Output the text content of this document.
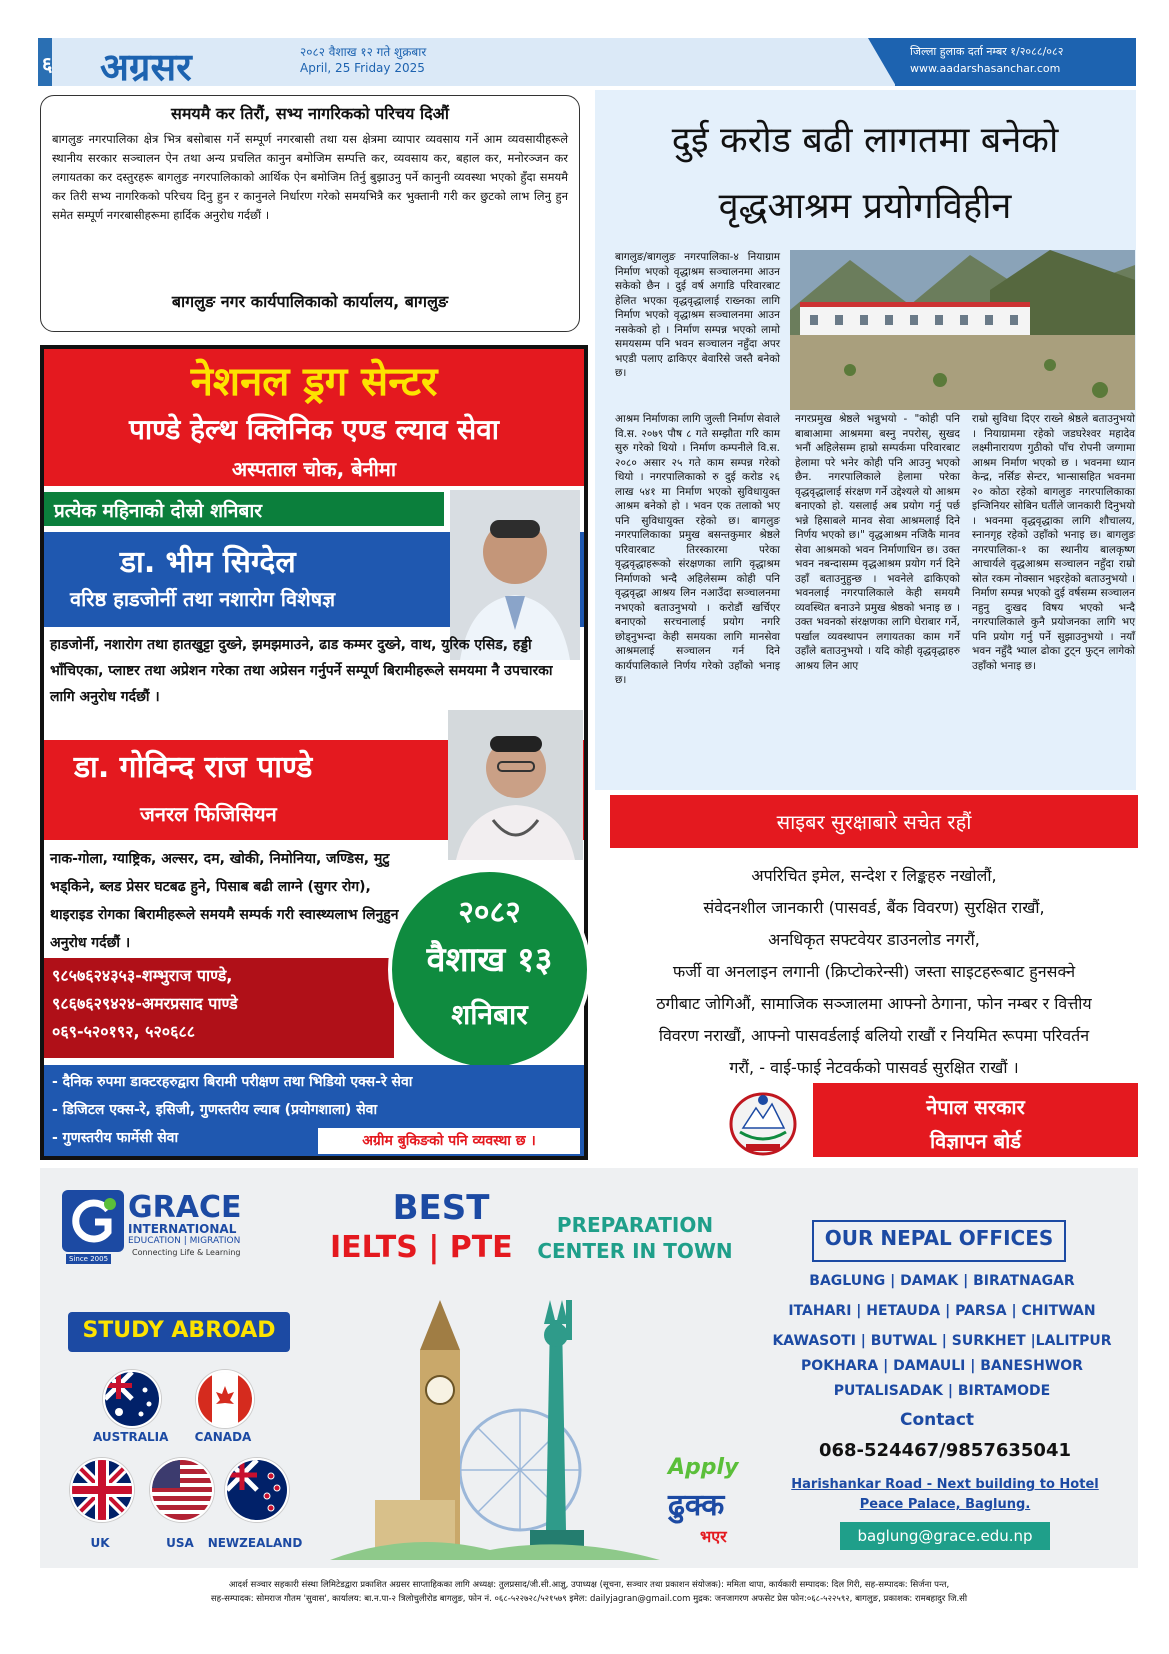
६ अग्रसर	२०८२ वैशाख १२ गते शुक्रबार
April, 25 Friday 2025
जिल्ला हुलाक दर्ता नम्बर १/२०८८/०८२
www.aadarshasanchar.com
समयमै कर तिरौं, सभ्य नागरिकको परिचय दिऔं
बागलुङ नगरपालिका क्षेत्र भित्र बसोबास गर्ने सम्पूर्ण नगरबासी तथा यस क्षेत्रमा व्यापार व्यवसाय गर्ने आम व्यवसायीहरूले स्थानीय सरकार सञ्चालन ऐन तथा अन्य प्रचलित कानुन बमोजिम सम्पत्ति कर, व्यवसाय कर, बहाल कर, मनोरञ्जन कर लगायतका कर दस्तुरहरू बागलुङ नगरपालिकाको आर्थिक ऐन बमोजिम तिर्नु बुझाउनु पर्ने कानुनी व्यवस्था भएको हुँदा समयमै कर तिरी सभ्य नागरिकको परिचय दिनु हुन र कानुनले निर्धारण गरेको समयभित्रै कर भुक्तानी गरी कर छुटको लाभ लिनु हुन समेत सम्पूर्ण नगरबासीहरूमा हार्दिक अनुरोध गर्दछौं ।
बागलुङ नगर कार्यपालिकाको कार्यालय, बागलुङ
दुई करोड बढी लागतमा बनेको
वृद्धआश्रम प्रयोगविहीन
बागलुङ/बागलुङ नगरपालिका-४ नियाग्राम निर्माण भएको वृद्धाश्रम सञ्चालनमा आउन सकेको छैन । दुई वर्ष अगाडि परिवारबाट हेलित भएका वृद्धवृद्धालाई राख्नका लागि निर्माण भएको वृद्धाश्रम सञ्चालनमा आउन नसकेको हो । निर्माण सम्पन्न भएको लामो समयसम्म पनि भवन सञ्चालन नहुँदा अपर भएडी पलाए ढाकिएर बेवारिसे जस्तै बनेको छ।
आश्रम निर्माणका लागि जुल्ती निर्माण सेवाले वि.स. २०७९ पौष ८ गते सम्झौता गरि काम सुरु गरेको थियो । निर्माण कम्पनीले वि.स. २०८० असार २५ गते काम सम्पन्न गरेको थियो । नगरपालिकाको रु दुई करोड २६ लाख ५४१ मा निर्माण भएको सुविधायुक्त आश्रम बनेको हो । भवन एक तलाको भए पनि सुविधायुक्त रहेको छ। बागलुङ नगरपालिकाका प्रमुख बसन्तकुमार श्रेष्ठले परिवारबाट तिरस्कारमा परेका वृद्धवृद्धाहरूको संरक्षणका लागि वृद्धाश्रम निर्माणको भन्दै अहिलेसम्म कोही पनि वृद्धवृद्धा आश्रय लिन नआउँदा सञ्चालनमा नभएको बताउनुभयो । करोडौं खर्चिएर बनाएको सरचनालाई प्रयोग नगरि छोड्नुभन्दा केही समयका लागि मानसेवा आश्रमलाई सञ्चालन गर्न दिने कार्यपालिकाले निर्णय गरेको उहाँको भनाइ छ।
नगरप्रमुख श्रेष्ठले भन्नुभयो - "कोही पनि बाबाआमा आश्रममा बस्नु नपरोस्, सुखद भनौं अहिलेसम्म हाम्रो सम्पर्कमा परिवारबाट हेलामा परे भनेर कोही पनि आउनु भएको छैन. नगरपालिकाले हेलामा परेका वृद्धवृद्धालाई संरक्षण गर्ने उद्देश्यले यो आश्रम बनाएको हो. यसलाई अब प्रयोग गर्नु पर्छ भन्ने हिसाबले मानव सेवा आश्रमलाई दिने निर्णय भएको छ।" वृद्धआश्रम नजिकै मानव सेवा आश्रमको भवन निर्माणाधिन छ। उक्त भवन नबन्दासम्म वृद्धआश्रम प्रयोग गर्न दिने उहाँ बताउनुहुन्छ । भवनेले ढाकिएको भवनलाई नगरपालिकाले केही समयमै व्यवस्थित बनाउने प्रमुख श्रेष्ठको भनाइ छ । उक्त भवनको संरक्षणका लागि घेराबार गर्ने, पर्खाल व्यवस्थापन लगायतका काम गर्ने उहाँले बताउनुभयो । यदि कोही वृद्धवृद्धाहरु आश्रय लिन आए
राम्रो सुविधा दिएर राख्ने श्रेष्ठले बताउनुभयो । नियाग्राममा रहेको जडघरेश्वर महादेव लक्ष्मीनारायण गुठीको पाँच रोपनी जग्गामा आश्रम निर्माण भएको छ । भवनमा ध्यान केन्द्र, नर्सिङ सेन्टर, भान्सासहित भवनमा २० कोठा रहेको बागलुङ नगरपालिकाका इन्जिनियर सोबिन घर्तीले जानकारी दिनुभयो । भवनमा वृद्धवृद्धाका लागि शौचालय, स्नानगृह रहेको उहाँको भनाइ छ। बागलुङ नगरपालिका-१ का स्थानीय बालकृष्ण आचार्यले वृद्धआश्रम सञ्चालन नहुँदा राम्रो स्रोत रकम नोक्सान भइरहेको बताउनुभयो । निर्माण सम्पन्न भएको दुई वर्षसम्म सञ्चालन नहुनु दुःखद विषय भएको भन्दै नगरपालिकाले कुनै प्रयोजनका लागि भए पनि प्रयोग गर्नु पर्ने सुझाउनुभयो । नयाँ भवन नहुँदै भ्याल ढोका टुट्न फुट्न लागेको उहाँको भनाइ छ।
नेशनल ड्रग सेन्टर
पाण्डे हेल्थ क्लिनिक एण्ड ल्याव सेवा
अस्पताल चोक, बेनीमा
प्रत्येक महिनाको दोस्रो शनिबार
डा. भीम सिग्देल
वरिष्ठ हाडजोर्नी तथा नशारोग विशेषज्ञ
हाडजोर्नी, नशारोग तथा हातखुट्टा दुख्ने, झमझमाउने, ढाड कम्मर दुख्ने, वाथ, युरिक एसिड, हड्डी भाँचिएका, प्लाष्टर तथा अप्रेशन गरेका तथा अप्रेसन गर्नुपर्ने सम्पूर्ण बिरामीहरूले समयमा नै उपचारका लागि अनुरोध गर्दछौं ।
डा. गोविन्द राज पाण्डे
जनरल फिजिसियन
नाक-गोला, ग्याष्ट्रिक, अल्सर, दम, खोकी, निमोनिया, जण्डिस, मुटु भड्किने, ब्लड प्रेसर घटबढ हुने, पिसाब बढी लाग्ने (सुगर रोग), थाइराइड रोगका बिरामीहरूले समयमै सम्पर्क गरी स्वास्थ्यलाभ लिनुहुन अनुरोध गर्दछौं ।
९८५७६२४३५३-शम्भुराज पाण्डे,
९८६७६२९४२४-अमरप्रसाद पाण्डे
०६९-५२०१९२, ५२०६८८
२०८२
वैशाख १३
शनिबार
- दैनिक रुपमा डाक्टरहरुद्वारा बिरामी परीक्षण तथा भिडियो एक्स-रे सेवा
- डिजिटल एक्स-रे, इसिजी, गुणस्तरीय ल्याब (प्रयोगशाला) सेवा
- गुणस्तरीय फार्मेसी सेवा	अग्रीम बुकिङको पनि व्यवस्था छ ।
साइबर सुरक्षाबारे सचेत रहौं
अपरिचित इमेल, सन्देश र लिङ्कहरु नखोलौं,
संवेदनशील जानकारी (पासवर्ड, बैंक विवरण) सुरक्षित राखौं,
अनधिकृत सफ्टवेयर डाउनलोड नगरौं,
फर्जी वा अनलाइन लगानी (क्रिप्टोकरेन्सी) जस्ता साइटहरूबाट हुनसक्ने
ठगीबाट जोगिऔं, सामाजिक सञ्जालमा आफ्नो ठेगाना, फोन नम्बर र वित्तीय
विवरण नराखौं, आफ्नो पासवर्डलाई बलियो राखौं र नियमित रूपमा परिवर्तन
गरौं, - वाई-फाई नेटवर्कको पासवर्ड सुरक्षित राखौं ।
नेपाल सरकार
विज्ञापन बोर्ड
GRACE
INTERNATIONAL
EDUCATION | MIGRATION
Connecting Life & Learning
Since 2005
STUDY ABROAD
AUSTRALIA	CANADA
UK	USA	NEWZEALAND
BEST
IELTS | PTE
PREPARATION
CENTER IN TOWN
Apply
ढुक्क
भएर
OUR NEPAL OFFICES
BAGLUNG | DAMAK | BIRATNAGAR
ITAHARI | HETAUDA | PARSA | CHITWAN
KAWASOTI | BUTWAL | SURKHET |LALITPUR
POKHARA | DAMAULI | BANESHWOR
PUTALISADAK | BIRTAMODE
Contact
068-524467/9857635041
Harishankar Road - Next building to Hotel
Peace Palace, Baglung.
baglung@grace.edu.np
आदर्श सञ्चार सहकारी संस्था लिमिटेडद्वारा प्रकाशित अग्रसर साप्ताहिकका लागि अध्यक्ष: तुलप्रसाद/जी.सी.आज्ञु, उपाध्यक्ष (सूचना, सञ्चार तथा प्रकाशन संयोजक): ममिता थापा, कार्यकारी सम्पादक: दिल गिरी, सह-सम्पादक: सिर्जना पन्त,
सह-सम्पादक: सोमराज गौतम 'सुवास', कार्यालय: बा.न.पा-२ त्रिलोचुलीरोड बागलुङ, फोन नं. ०६८-५२२७२८/५२१५७९ इमेल: dailyjagran@gmail.com मुद्रक: जनजागरण अफसेट प्रेस फोन:०६८-५२२५९२, बागलुङ, प्रकाशक: रामबहादुर जि.सी
